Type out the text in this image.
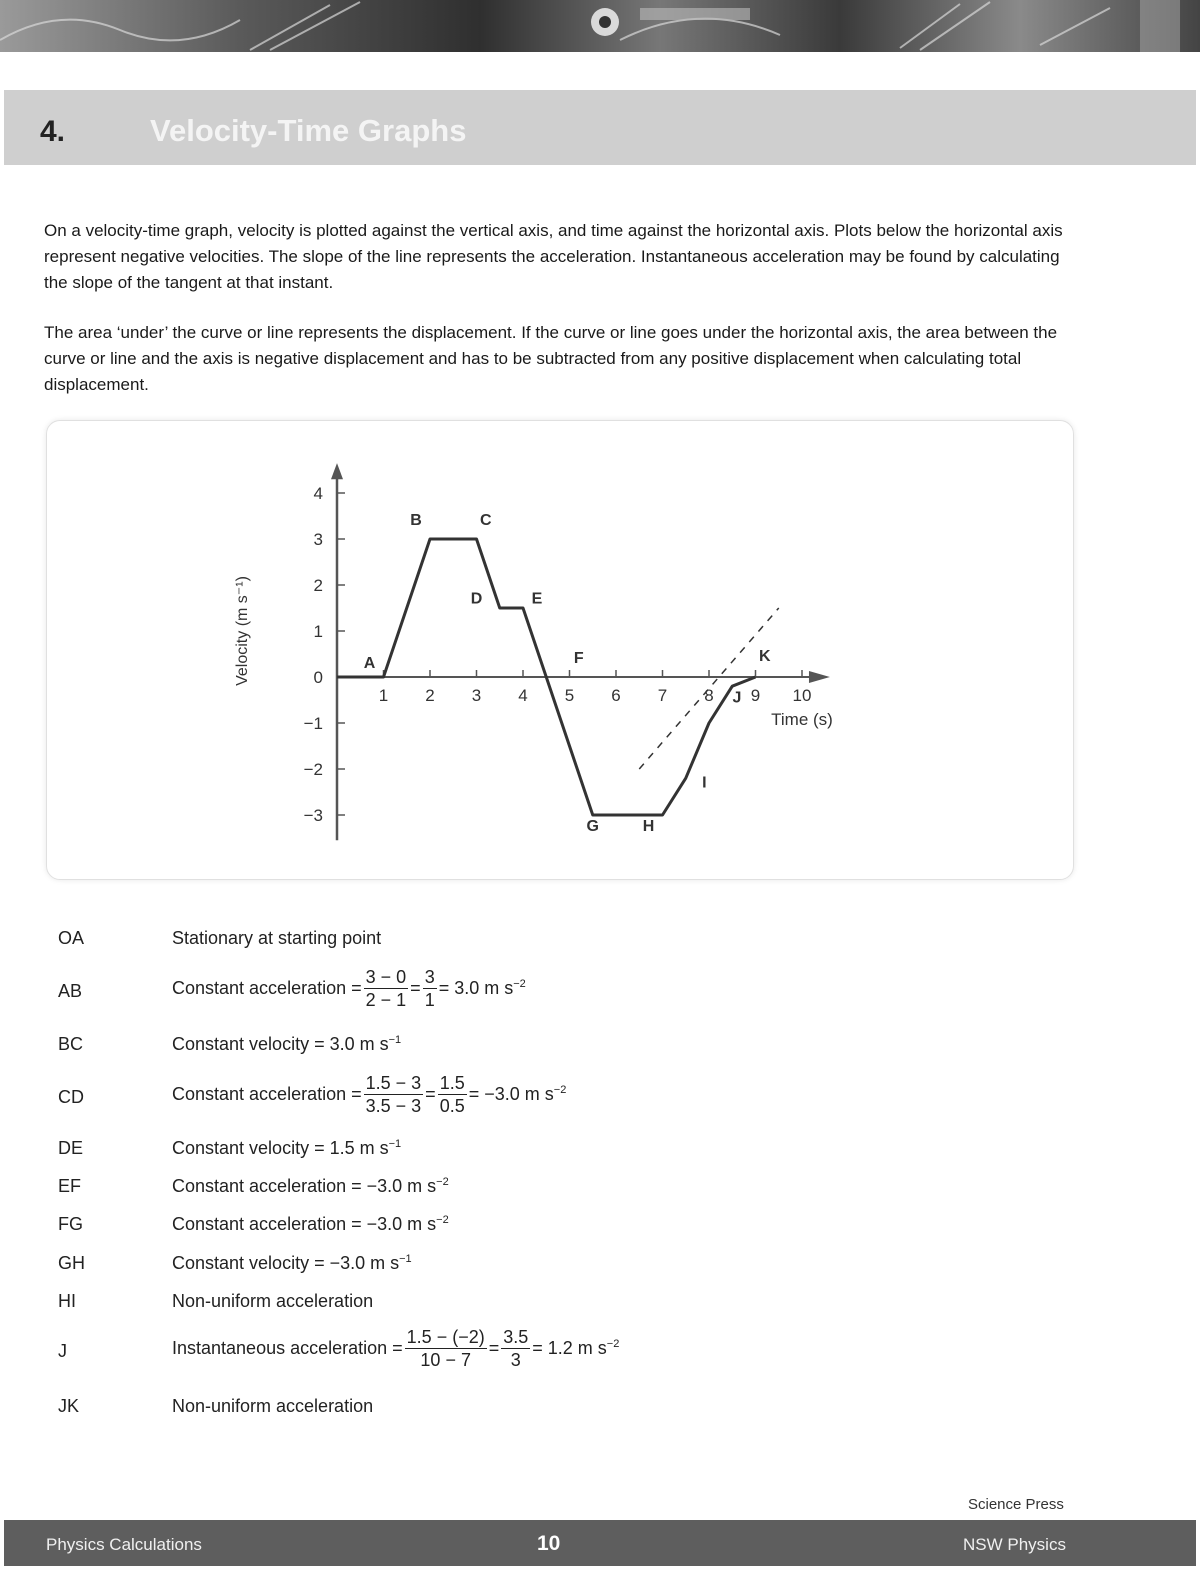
4.	Velocity-Time Graphs
On a velocity-time graph, velocity is plotted against the vertical axis, and time against the horizontal axis. Plots below the horizontal axis represent negative velocities. The slope of the line represents the acceleration. Instantaneous acceleration may be found by calculating the slope of the tangent at that instant.
The area ‘under’ the curve or line represents the displacement. If the curve or line goes under the horizontal axis, the area between the curve or line and the axis is negative displacement and has to be subtracted from any positive displacement when calculating total displacement.
1 2 3 4 5 6 7 8 9 10
4
3
2
1
0
−1
−2
−3
Time (s)
Velocity (m s⁻¹)	A
B	C
D	E
F
G	H
I
J
K
OA	Stationary at starting point
AB	Constant acceleration = $\frac{3 - 0}{2 - 1} = \frac{3}{1} = 3.0$ m $s^{-2}$
BC	Constant velocity = 3.0 m $s^{-1}$
CD	Constant acceleration = $\frac{1.5 - 3}{3.5 - 3} = \frac{1.5}{0.5} = -3.0$ m $s^{-2}$
DE	Constant velocity = 1.5 m $s^{-1}$
EF	Constant acceleration = −3.0 m $s^{-2}$
FG	Constant acceleration = −3.0 m $s^{-2}$
GH	Constant velocity = −3.0 m $s^{-1}$
HI	Non-uniform acceleration
J	Instantaneous acceleration = $\frac{1.5 - (-2)}{10 - 7} = \frac{3.5}{3} = 1.2$ m $s^{-2}$
JK	Non-uniform acceleration
Science Press
Physics Calculations	10	NSW Physics
